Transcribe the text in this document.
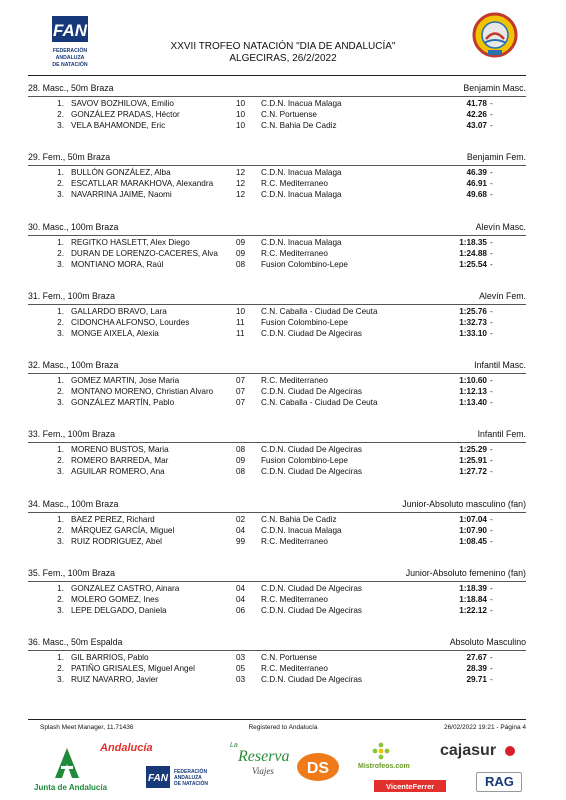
FAN
FEDERACIÓN
ANDALUZA
DE NATACIÓN
XXVII TROFEO NATACIÓN "DIA DE ANDALUCÍA"
ALGECIRAS, 26/2/2022
28. Masc., 50m Braza	Benjamin Masc.
1. SAVOV BOZHILOVA, Emilio	10 C.D.N. Inacua Malaga	41.78 -
2. GONZÁLEZ PRADAS, Héctor	10 C.N. Portuense	42.26 -
3. VELA BAHAMONDE, Eric	10 C.N. Bahia De Cadiz	43.07 -
29. Fem., 50m Braza	Benjamin Fem.
1. BULLÓN GONZÁLEZ, Alba	12 C.D.N. Inacua Malaga	46.39 -
2. ESCATLLAR MARAKHOVA, Alexandra	12 R.C. Mediterraneo	46.91 -
3. NAVARRINA JAIME, Naomi	12 C.D.N. Inacua Malaga	49.68 -
30. Masc., 100m Braza	Alevín Masc.
1. REGITKO HASLETT, Alex Diego	09 C.D.N. Inacua Malaga	1:18.35 -
2. DURAN DE LORENZO-CACERES, Alva	09 R.C. Mediterraneo	1:24.88 -
3. MONTIANO MORA, Raúl	08 Fusion Colombino-Lepe	1:25.54 -
31. Fem., 100m Braza	Alevín Fem.
1. GALLARDO BRAVO, Lara	10 C.N. Caballa - Ciudad De Ceuta	1:25.76 -
2. CIDONCHA ALFONSO, Lourdes	11 Fusion Colombino-Lepe	1:32.73 -
3. MONGE AIXELA, Alexia	11 C.D.N. Ciudad De Algeciras	1:33.10 -
32. Masc., 100m Braza	Infantil Masc.
1. GOMEZ MARTIN, Jose Maria	07 R.C. Mediterraneo	1:10.60 -
2. MONTANO MORENO, Christian Alvaro	07 C.D.N. Ciudad De Algeciras	1:12.13 -
3. GONZÁLEZ MARTÍN, Pablo	07 C.N. Caballa - Ciudad De Ceuta	1:13.40 -
33. Fem., 100m Braza	Infantil Fem.
1. MORENO BUSTOS, Maria	08 C.D.N. Ciudad De Algeciras	1:25.29 -
2. ROMERO BARREDA, Mar	09 Fusion Colombino-Lepe	1:25.91 -
3. AGUILAR ROMERO, Ana	08 C.D.N. Ciudad De Algeciras	1:27.72 -
34. Masc., 100m Braza	Junior-Absoluto masculino (fan)
1. BAEZ PEREZ, Richard	02 C.N. Bahia De Cadiz	1:07.04 -
2. MÁRQUEZ GARCÍA, Miguel	04 C.D.N. Inacua Malaga	1:07.90 -
3. RUIZ RODRIGUEZ, Abel	99 R.C. Mediterraneo	1:08.45 -
35. Fem., 100m Braza	Junior-Absoluto femenino (fan)
1. GONZALEZ CASTRO, Ainara	04 C.D.N. Ciudad De Algeciras	1:18.39 -
2. MOLERO GOMEZ, Ines	04 R.C. Mediterraneo	1:18.84 -
3. LEPE DELGADO, Daniela	06 C.D.N. Ciudad De Algeciras	1:22.12 -
36. Masc., 50m Espalda	Absoluto Masculino
1. GIL BARRIOS, Pablo	03 C.N. Portuense	27.67 -
2. PATIÑO GRISALES, Miguel Angel	05 R.C. Mediterraneo	28.39 -
3. RUIZ NAVARRO, Javier	03 C.D.N. Ciudad De Algeciras	29.71 -
Splash Meet Manager, 11.71436	Registered to Andalucía	26/02/2022 19:21 - Página 4
Junta de Andalucía
Andalucía
FAN
FEDERACIÓN
ANDALUZA
DE NATACIÓN
La
Reserva
Viajes DS	Mistrofeos.com
VicenteFerrer
cajasur
RAG
